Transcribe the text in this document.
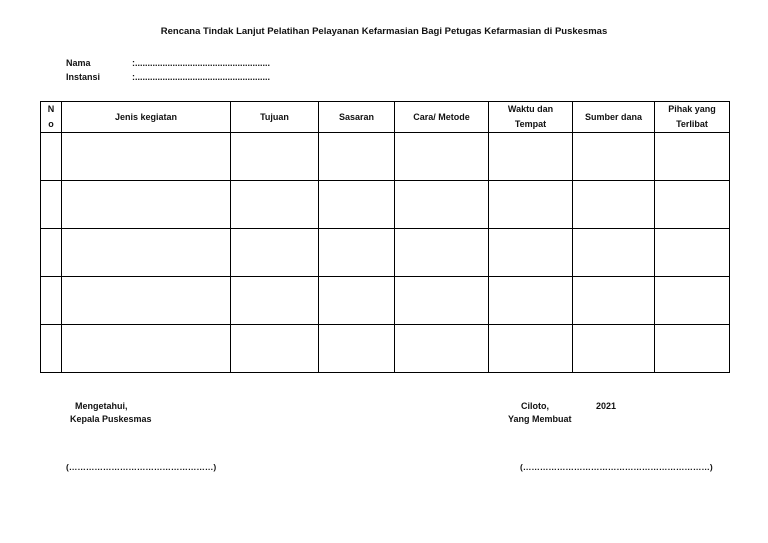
Rencana Tindak Lanjut Pelatihan Pelayanan Kefarmasian Bagi Petugas Kefarmasian di Puskesmas
Nama	:......................................................
Instansi	:......................................................
N o	Jenis kegiatan	Tujuan	Sasaran	Cara/ Metode	Waktu dan Tempat	Sumber dana	Pihak yang Terlibat

Mengetahui,
Kepala Puskesmas
Ciloto,	2021
Yang Membuat
(……………………………………………)	(…………………………………………………………)
